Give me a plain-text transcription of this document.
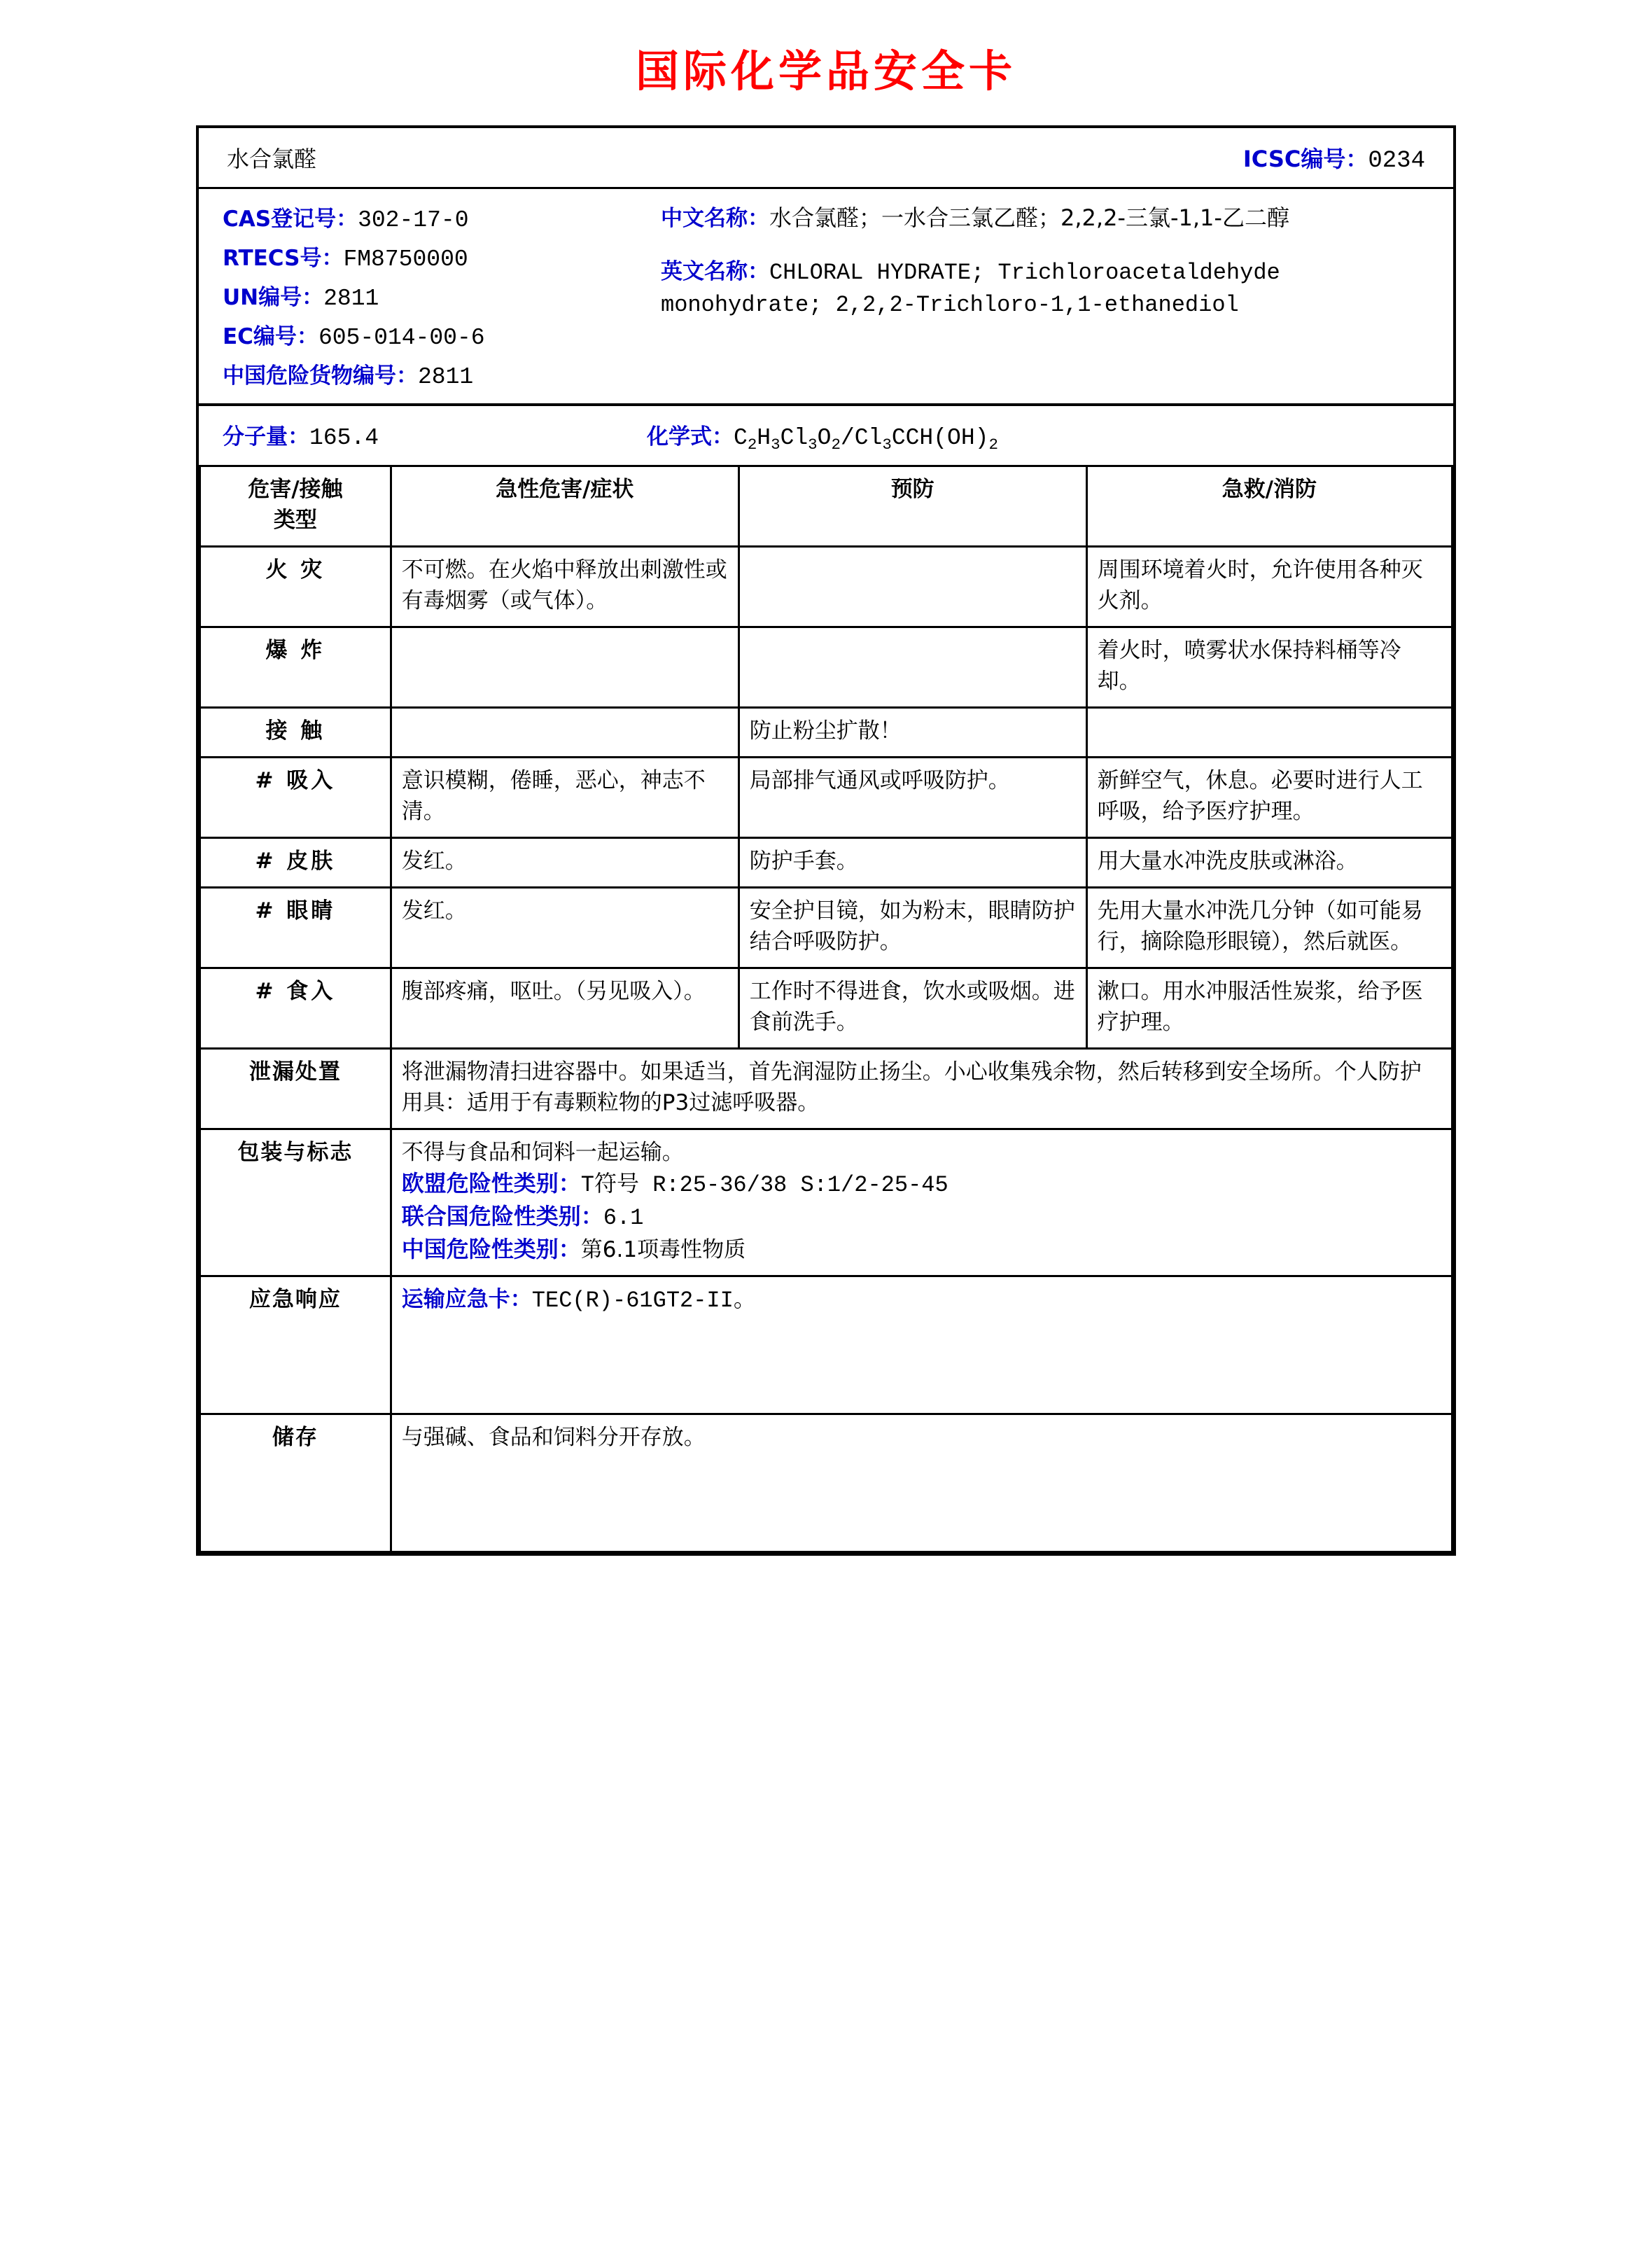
国际化学品安全卡
水合氯醛	ICSC编号：0234
CAS登记号：302-17-0
RTECS号：FM8750000
UN编号：2811
EC编号：605-014-00-6
中国危险货物编号：2811
中文名称：水合氯醛；一水合三氯乙醛；2,2,2-三氯-1,1-乙二醇
英文名称：CHLORAL HYDRATE; Trichloroacetaldehyde monohydrate; 2,2,2-Trichloro-1,1-ethanediol
分子量：165.4	化学式：$C_2H_3Cl_3O_2/Cl_3CCH(OH)_2$
危害/接触
类型	急性危害/症状	预防	急救/消防
火 灾	不可燃。在火焰中释放出刺激性或有毒烟雾（或气体）。		周围环境着火时，允许使用各种灭火剂。
爆 炸			着火时，喷雾状水保持料桶等冷却。
接 触		防止粉尘扩散！	
# 吸入	意识模糊，倦睡，恶心，神志不清。	局部排气通风或呼吸防护。	新鲜空气，休息。必要时进行人工呼吸，给予医疗护理。
# 皮肤	发红。	防护手套。	用大量水冲洗皮肤或淋浴。
# 眼睛	发红。	安全护目镜，如为粉末，眼睛防护结合呼吸防护。	先用大量水冲洗几分钟（如可能易行，摘除隐形眼镜），然后就医。
# 食入	腹部疼痛，呕吐。（另见吸入）。	工作时不得进食，饮水或吸烟。进食前洗手。	漱口。用水冲服活性炭浆，给予医疗护理。
泄漏处置	将泄漏物清扫进容器中。如果适当，首先润湿防止扬尘。小心收集残余物，然后转移到安全场所。个人防护用具：适用于有毒颗粒物的P3过滤呼吸器。		
包装与标志	不得与食品和饲料一起运输。
欧盟危险性类别：T符号 R:25-36/38 S:1/2-25-45
联合国危险性类别：6.1
中国危险性类别：第6.1项毒性物质		

应急响应	运输应急卡：TEC(R)-61GT2-II。		
储存	与强碱、食品和饲料分开存放。		
